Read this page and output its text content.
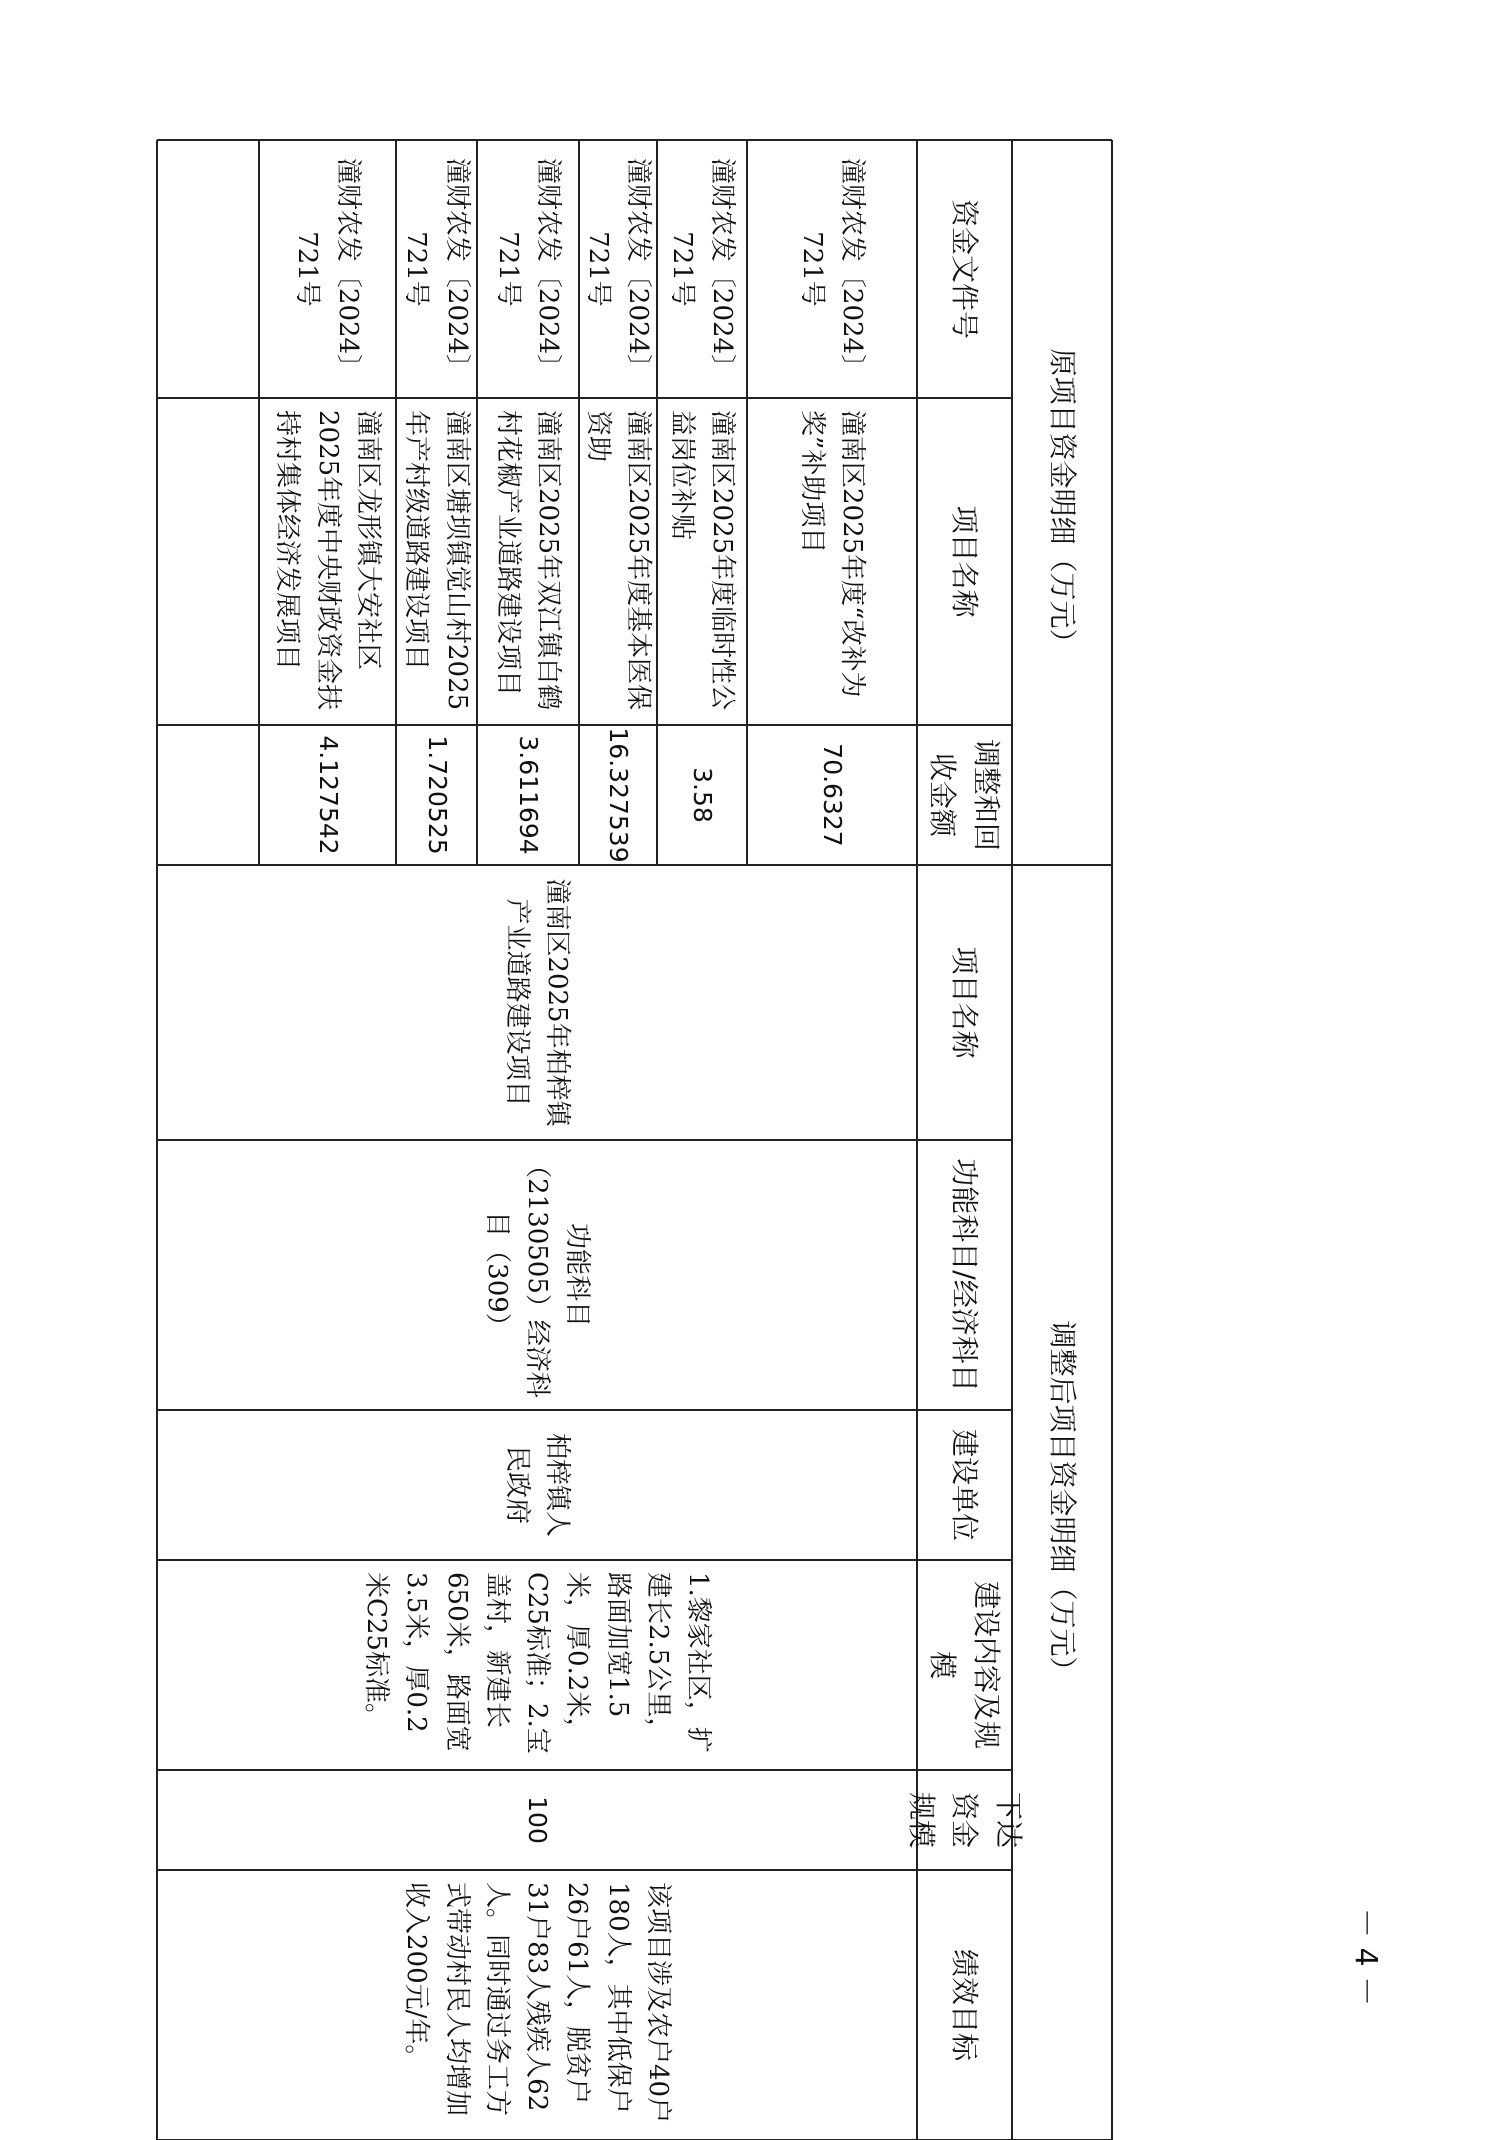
原项目资金明细（万元）
调整后项目资金明细（万元）
资金文件号
项目名称
调整和回收金额
项目名称
功能科目/经济科目
建设单位
建设内容及规模
下达资金规模
绩效目标
潼财农发〔2024〕721号
潼南区2025年度“改补为奖”补助项目
70.6327
潼财农发〔2024〕721号
潼南区2025年度临时性公益岗位补贴
3.58
潼财农发〔2024〕721号
潼南区2025年度基本医保资助
16.327539
潼财农发〔2024〕721号
潼南区2025年双江镇白鹤村花椒产业道路建设项目
3.611694
潼财农发〔2024〕721号
潼南区塘坝镇觉山村2025年产村级道路建设项目
1.720525
潼财农发〔2024〕721号
潼南区龙形镇大安社区2025年度中央财政资金扶持村集体经济发展项目
4.127542
潼南区2025年柏梓镇产业道路建设项目
功能科目（2130505）经济科目（309）
柏梓镇人民政府
1.黎家社区，扩建长2.5公里，路面加宽1.5米，厚0.2米，C25标准；2.宝盖村，新建长650米，路面宽3.5米，厚0.2米C25标准。
100
该项目涉及农户40户180人，其中低保户26户61人，脱贫户31户83人残疾人62人。同时通过务工方式带动村民人均增加收入200元/年。	－ 4 －
